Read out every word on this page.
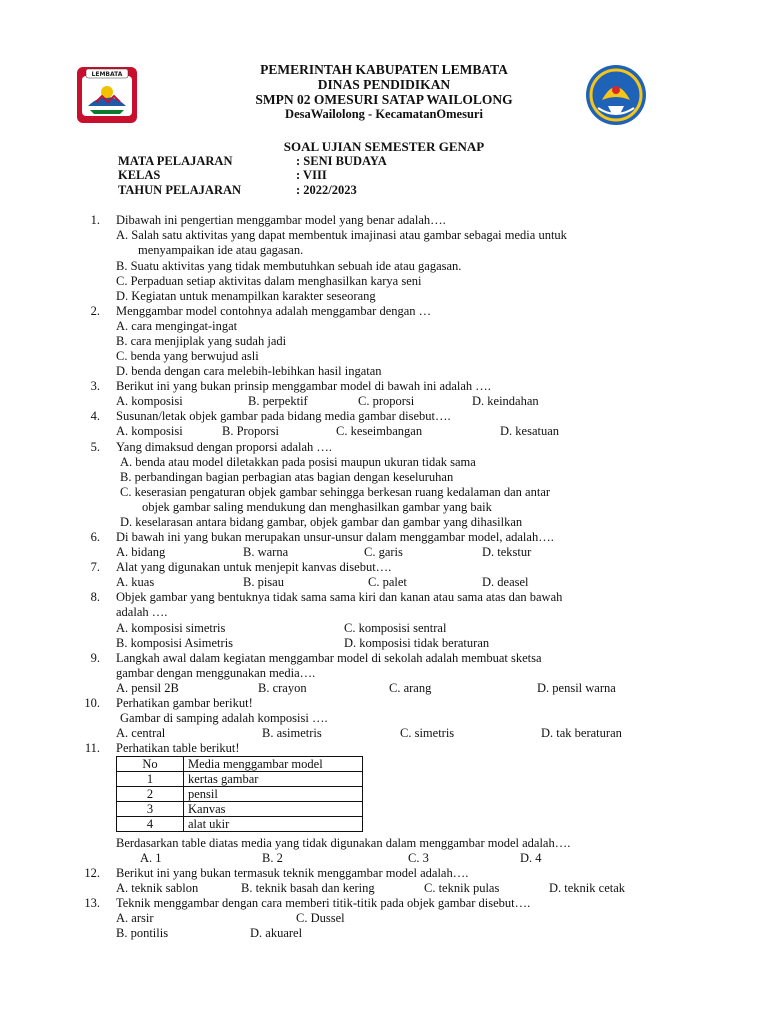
LEMBATA	PEMERINTAH KABUPATEN LEMBATA
DINAS PENDIDIKAN
SMPN 02 OMESURI SATAP WAILOLONG
DesaWailolong - KecamatanOmesuri
SOAL UJIAN SEMESTER GENAP
MATA PELAJARAN	: SENI BUDAYA
KELAS	: VIII
TAHUN PELAJARAN	: 2022/2023
1. Dibawah ini pengertian menggambar model yang benar adalah….
A. Salah satu aktivitas yang dapat membentuk imajinasi atau gambar sebagai media untuk
menyampaikan ide atau gagasan.
B. Suatu aktivitas yang tidak membutuhkan sebuah ide atau gagasan.
C. Perpaduan setiap aktivitas dalam menghasilkan karya seni
D. Kegiatan untuk menampilkan karakter seseorang
2. Menggambar model contohnya adalah menggambar dengan …
A. cara mengingat-ingat
B. cara menjiplak yang sudah jadi
C. benda yang berwujud asli
D. benda dengan cara melebih-lebihkan hasil ingatan
3. Berikut ini yang bukan prinsip menggambar model di bawah ini adalah ….
A. komposisi	B. perpektif	C. proporsi	D. keindahan
4. Susunan/letak objek gambar pada bidang media gambar disebut….
A. komposisi	B. Proporsi	C. keseimbangan	D. kesatuan
5. Yang dimaksud dengan proporsi adalah ….
A. benda atau model diletakkan pada posisi maupun ukuran tidak sama
B. perbandingan bagian perbagian atas bagian dengan keseluruhan
C. keserasian pengaturan objek gambar sehingga berkesan ruang kedalaman dan antar
objek gambar saling mendukung dan menghasilkan gambar yang baik
D. keselarasan antara bidang gambar, objek gambar dan gambar yang dihasilkan
6. Di bawah ini yang bukan merupakan unsur-unsur dalam menggambar model, adalah….
A. bidang	B. warna	C. garis	D. tekstur
7. Alat yang digunakan untuk menjepit kanvas disebut….
A. kuas	B. pisau	C. palet	D. deasel
8. Objek gambar yang bentuknya tidak sama sama kiri dan kanan atau sama atas dan bawah
adalah ….
A. komposisi simetris	C. komposisi sentral
B. komposisi Asimetris	D. komposisi tidak beraturan
9. Langkah awal dalam kegiatan menggambar model di sekolah adalah membuat sketsa
gambar dengan menggunakan media….
A. pensil 2B	B. crayon	C. arang	D. pensil warna
10. Perhatikan gambar berikut!
Gambar di samping adalah komposisi ….
A. central	B. asimetris	C. simetris	D. tak beraturan
11. Perhatikan table berikut!
No	Media menggambar model
1	kertas gambar
2	pensil
3	Kanvas
4	alat ukir
Berdasarkan table diatas media yang tidak digunakan dalam menggambar model adalah….
A. 1	B. 2	C. 3	D. 4
12. Berikut ini yang bukan termasuk teknik menggambar model adalah….
A. teknik sablon	B. teknik basah dan kering	C. teknik pulas	D. teknik cetak
13. Teknik menggambar dengan cara memberi titik-titik pada objek gambar disebut….
A. arsir	C. Dussel
B. pontilis	D. akuarel
